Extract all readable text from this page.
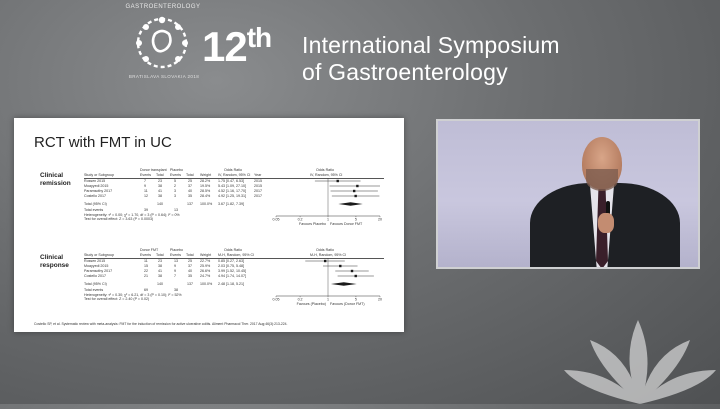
GASTROENTEROLOGY
BRATISLAVA SLOVAKIA 2018
12th International Symposium
of Gastroenterology
RCT with FMT in UC
Clinical
remission
Donor transplant Placebo	Odds Ratio	Odds Ratio
Study or Subgroup	Events Total Events Total Weight IV, Random, 95% CI Year	IV, Random, 95% CI
Rossen 2015	7	23	5	25 28.2% 1.75 [0.47, 6.53]	2015
Moayyedi 2015	9	38	2	37 19.5% 5.43 [1.09, 27.10] 2015
Paramsothy 2017	11	41	3	40 28.5% 4.52 [1.16, 17.70] 2017
Costello 2017	12	38	3	35 28.4% 4.92 [1.25, 19.31] 2017
Total (95% CI)	140	137 100.0% 3.67 [1.82, 7.39]
Total events	39	13
Heterogeneity: τ² = 0.00; χ² = 1.70, df = 3 (P = 0.64); I² = 0%
Test for overall effect: Z = 3.63 (P = 0.0003)	0.05	0.2	1	5	20
Favours Placebo Favours Donor FMT
Clinical
response
Donor FMT	Placebo	Odds Ratio	Odds Ratio
Study or Subgroup	Events Total Events Total Weight M-H, Random, 95% CI	M-H, Random, 95% CI
Rossen 2015	11	23	13	25 22.7% 0.85 [0.27, 2.63]
Moayyedi 2015	15	38	9	37 25.9% 2.03 [0.75, 5.48]
Paramsothy 2017	22	41	9	40 26.6% 3.99 [1.52, 10.45]
Costello 2017	21	38	7	35 24.7% 4.94 [1.74, 14.07]
Total (95% CI)	140	137 100.0% 2.48 [1.18, 5.21]
Total events	69	38
Heterogeneity: τ² = 0.30; χ² = 6.21, df = 3 (P = 0.10); I² = 52%
Test for overall effect: Z = 2.40 (P = 0.02)	0.05	0.2	1	5	20
Favours (Placebo) Favours (Donor FMT)
Costello SP, et al. Systematic review with meta-analysis: FMT for the induction of remission for active ulcerative colitis. Aliment Pharmacol Ther. 2017 Aug;46(3):213-224.
